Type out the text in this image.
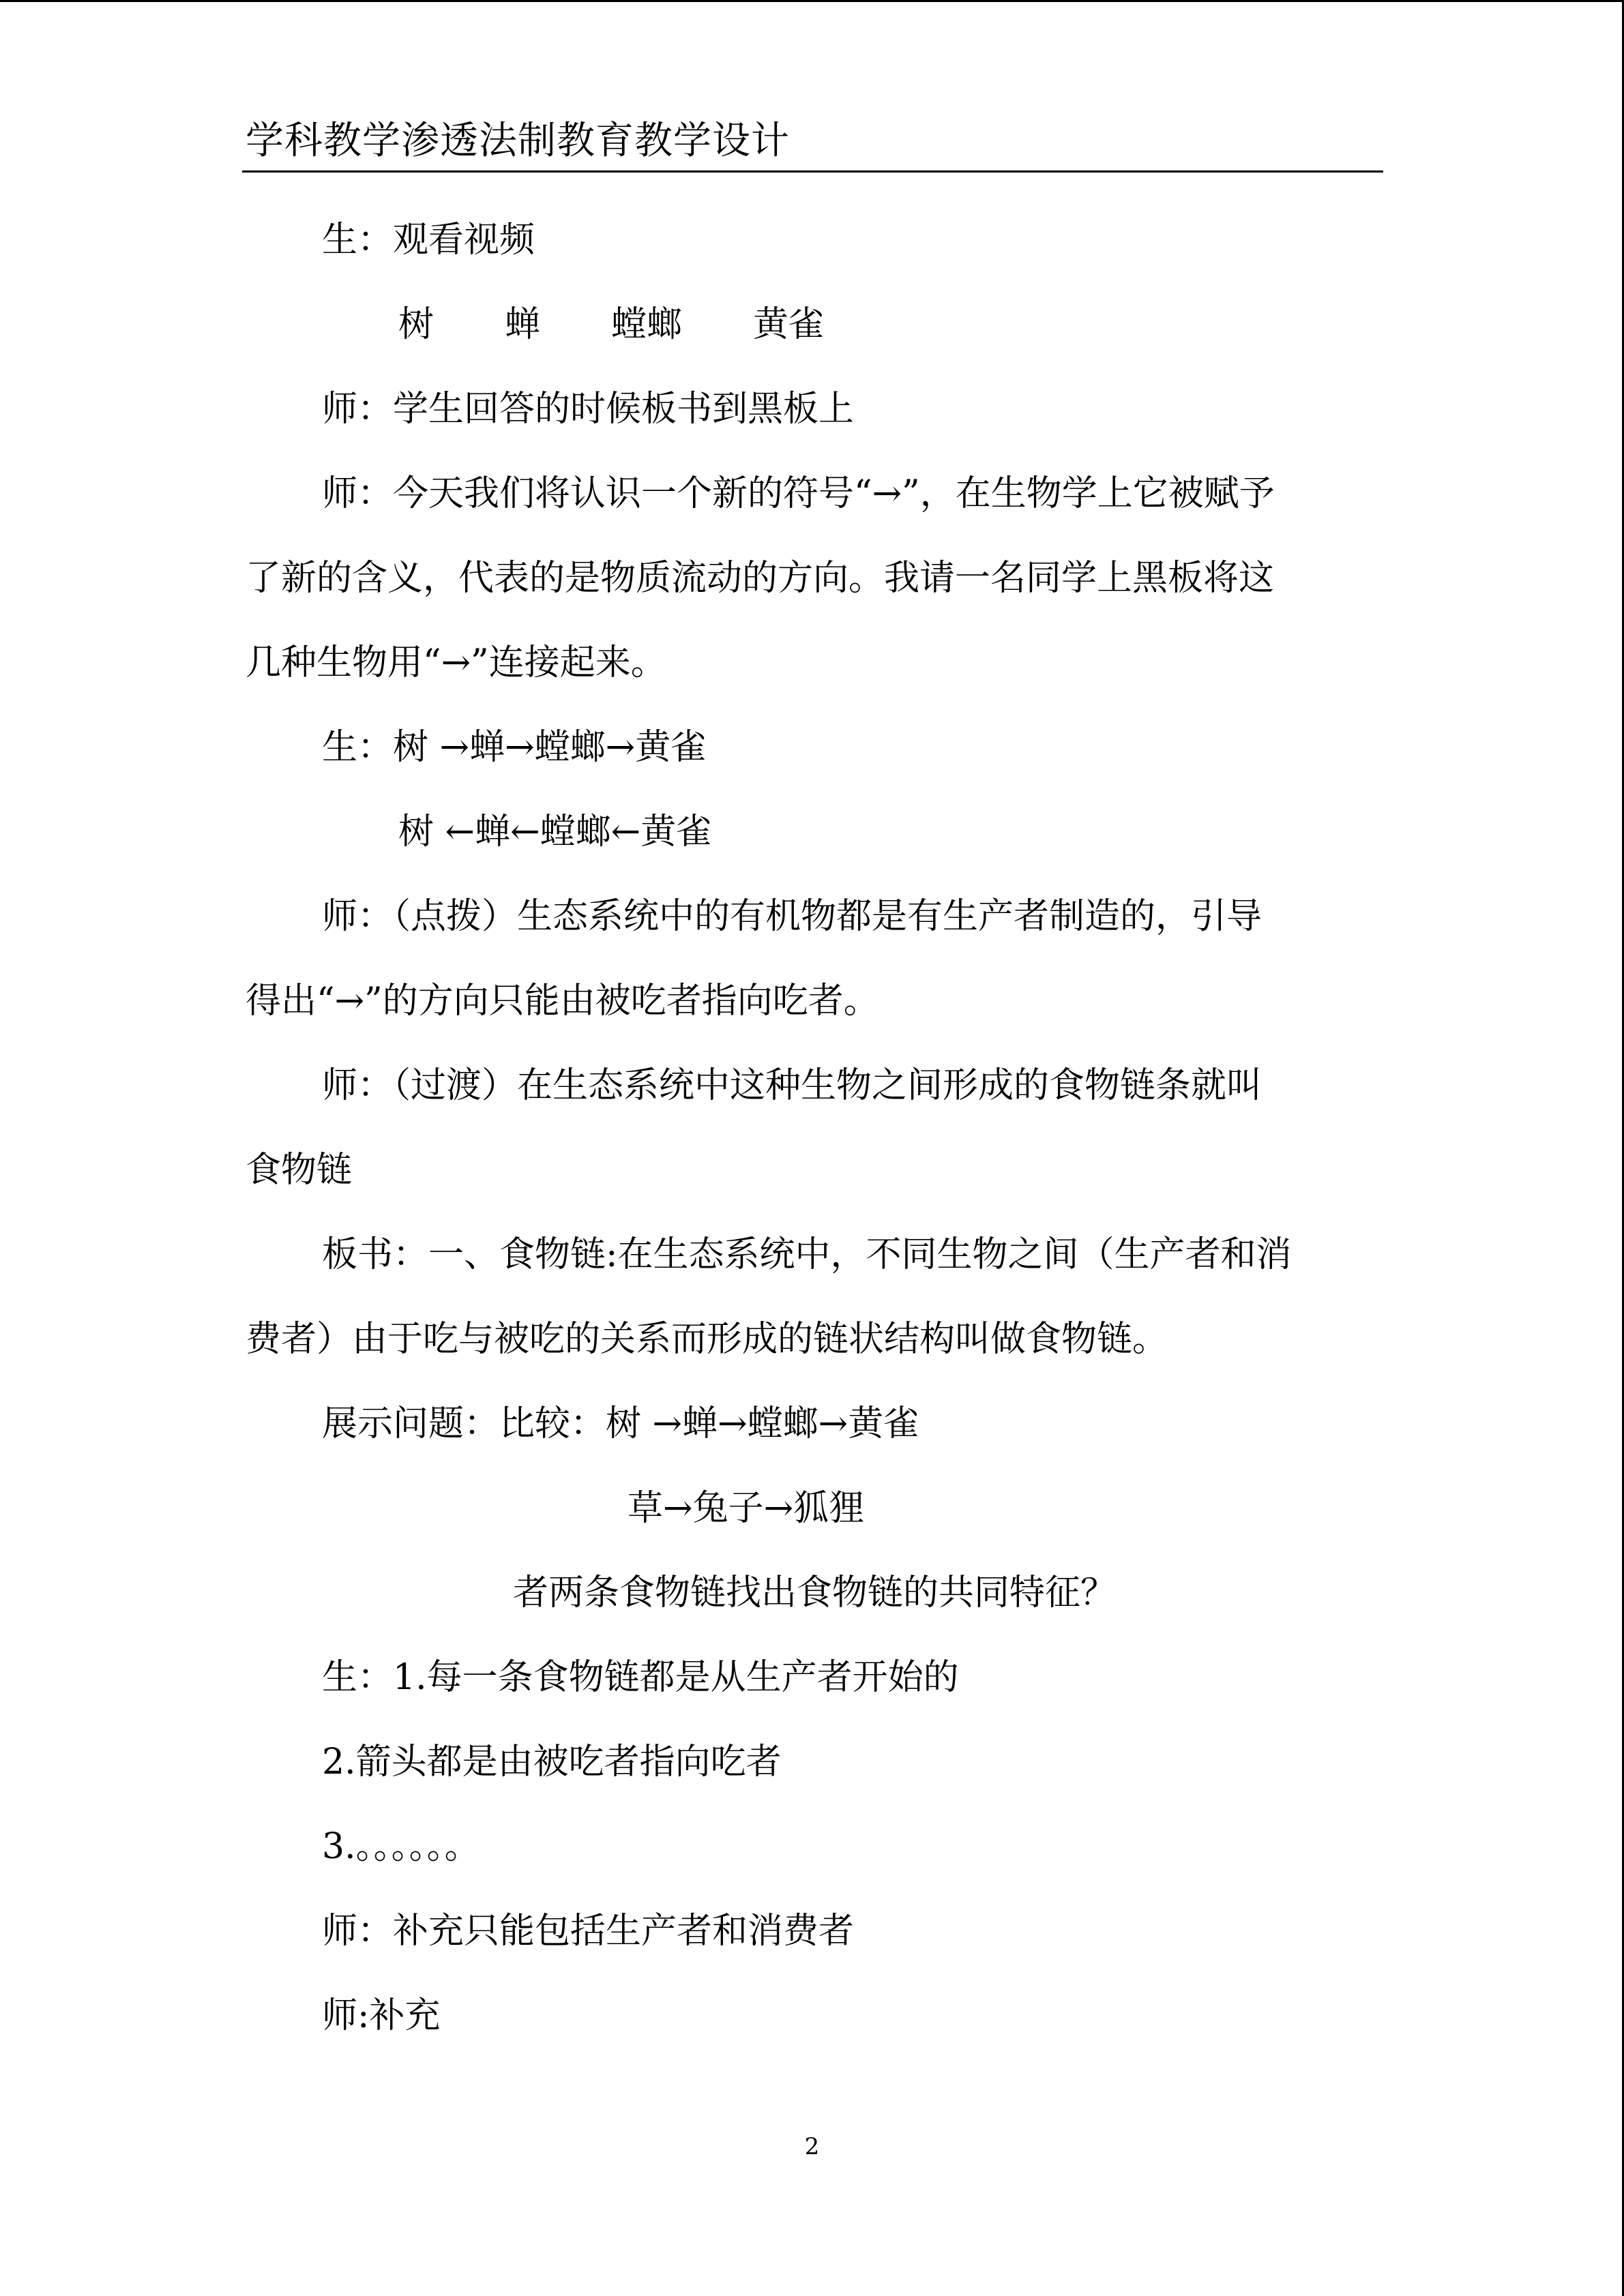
学科教学渗透法制教育教学设计
生：观看视频
树　　蝉　　螳螂　　黄雀
师：学生回答的时候板书到黑板上
师：今天我们将认识一个新的符号“→”，在生物学上它被赋予
了新的含义，代表的是物质流动的方向。我请一名同学上黑板将这
几种生物用“→”连接起来。
生：树 →蝉→螳螂→黄雀
树 ←蝉←螳螂←黄雀
师：（点拨）生态系统中的有机物都是有生产者制造的，引导
得出“→”的方向只能由被吃者指向吃者。
师：（过渡）在生态系统中这种生物之间形成的食物链条就叫
食物链
板书：一、食物链:在生态系统中，不同生物之间（生产者和消
费者）由于吃与被吃的关系而形成的链状结构叫做食物链。
展示问题：比较：树 →蝉→螳螂→黄雀
草→兔子→狐狸
者两条食物链找出食物链的共同特征？
生：1.每一条食物链都是从生产者开始的
2.箭头都是由被吃者指向吃者
3.。。。。。。
师：补充只能包括生产者和消费者
师:补充
2
